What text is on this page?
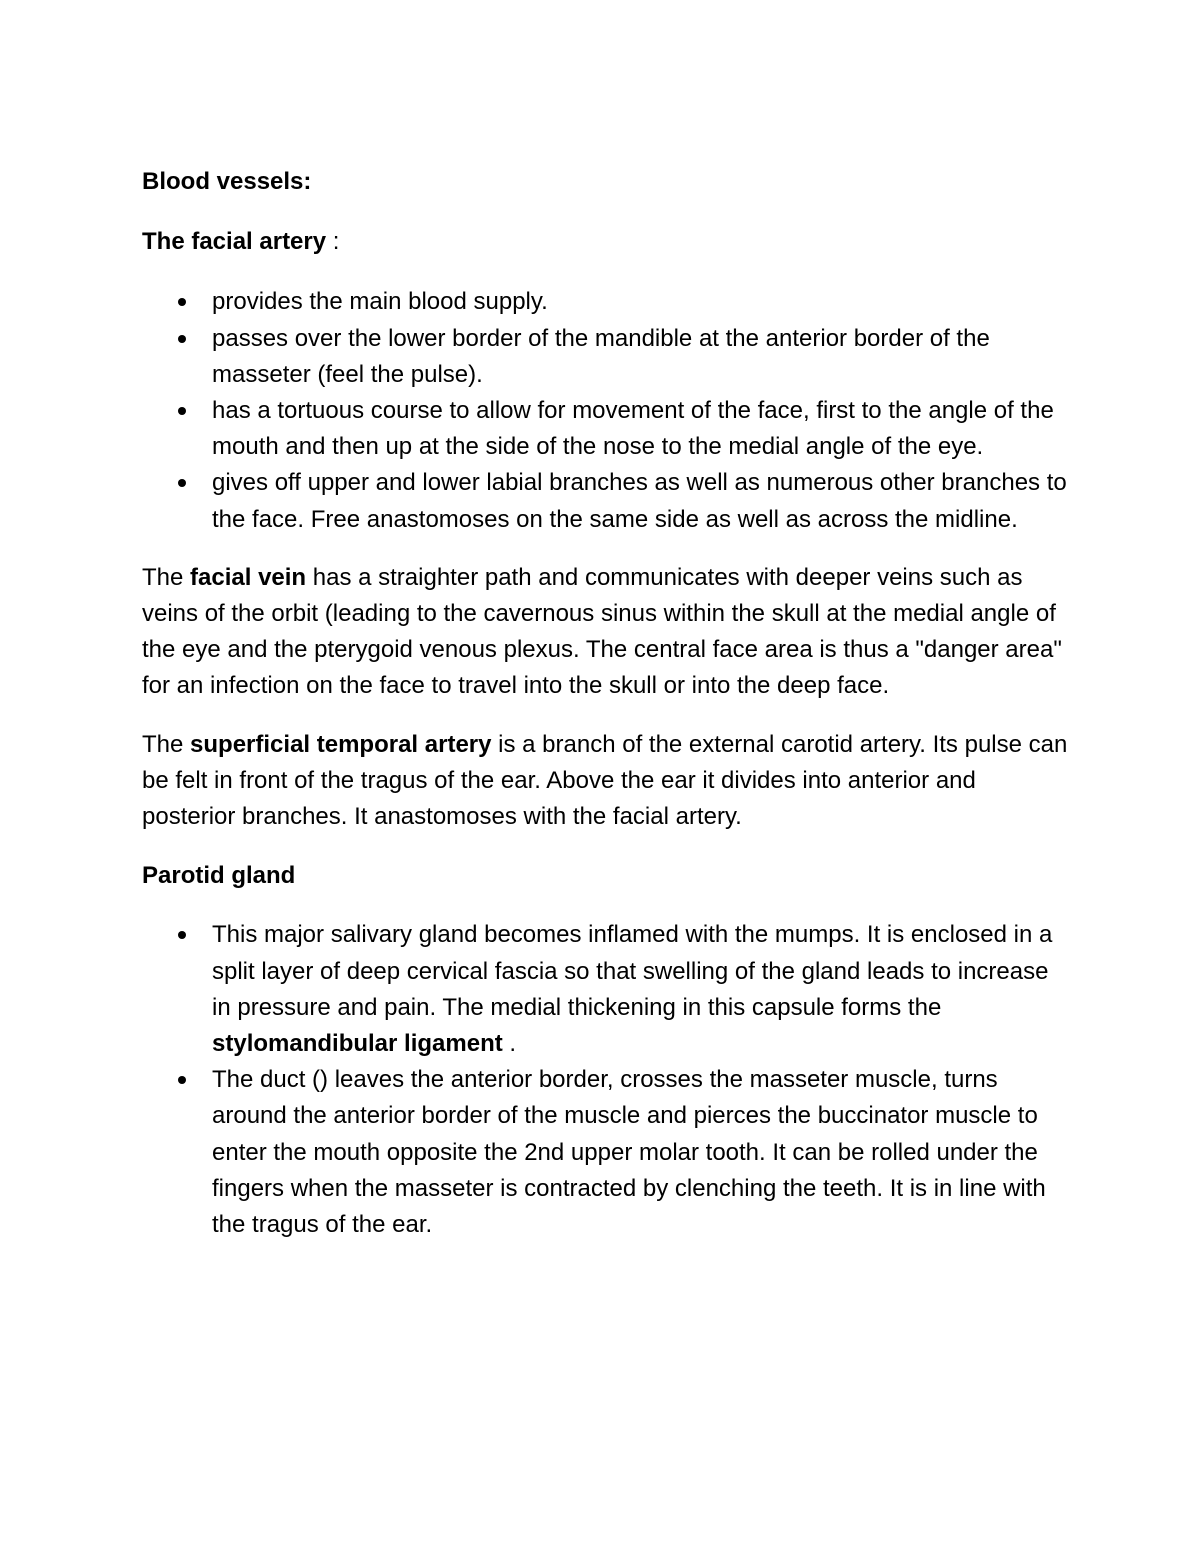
Blood vessels:

The facial artery :

provides the main blood supply.
passes over the lower border of the mandible at the anterior border of the masseter (feel the pulse).
has a tortuous course to allow for movement of the face, first to the angle of the mouth and then up at the side of the nose to the medial angle of the eye.
gives off upper and lower labial branches as well as numerous other branches to the face. Free anastomoses on the same side as well as across the midline.

The facial vein has a straighter path and communicates with deeper veins such as veins of the orbit (leading to the cavernous sinus within the skull at the medial angle of the eye and the pterygoid venous plexus. The central face area is thus a "danger area" for an infection on the face to travel into the skull or into the deep face.

The superficial temporal artery is a branch of the external carotid artery. Its pulse can be felt in front of the tragus of the ear. Above the ear it divides into anterior and posterior branches. It anastomoses with the facial artery.

Parotid gland

This major salivary gland becomes inflamed with the mumps. It is enclosed in a split layer of deep cervical fascia so that swelling of the gland leads to increase in pressure and pain. The medial thickening in this capsule forms the stylomandibular ligament .
The duct () leaves the anterior border, crosses the masseter muscle, turns around the anterior border of the muscle and pierces the buccinator muscle to enter the mouth opposite the 2nd upper molar tooth. It can be rolled under the fingers when the masseter is contracted by clenching the teeth. It is in line with the tragus of the ear.
